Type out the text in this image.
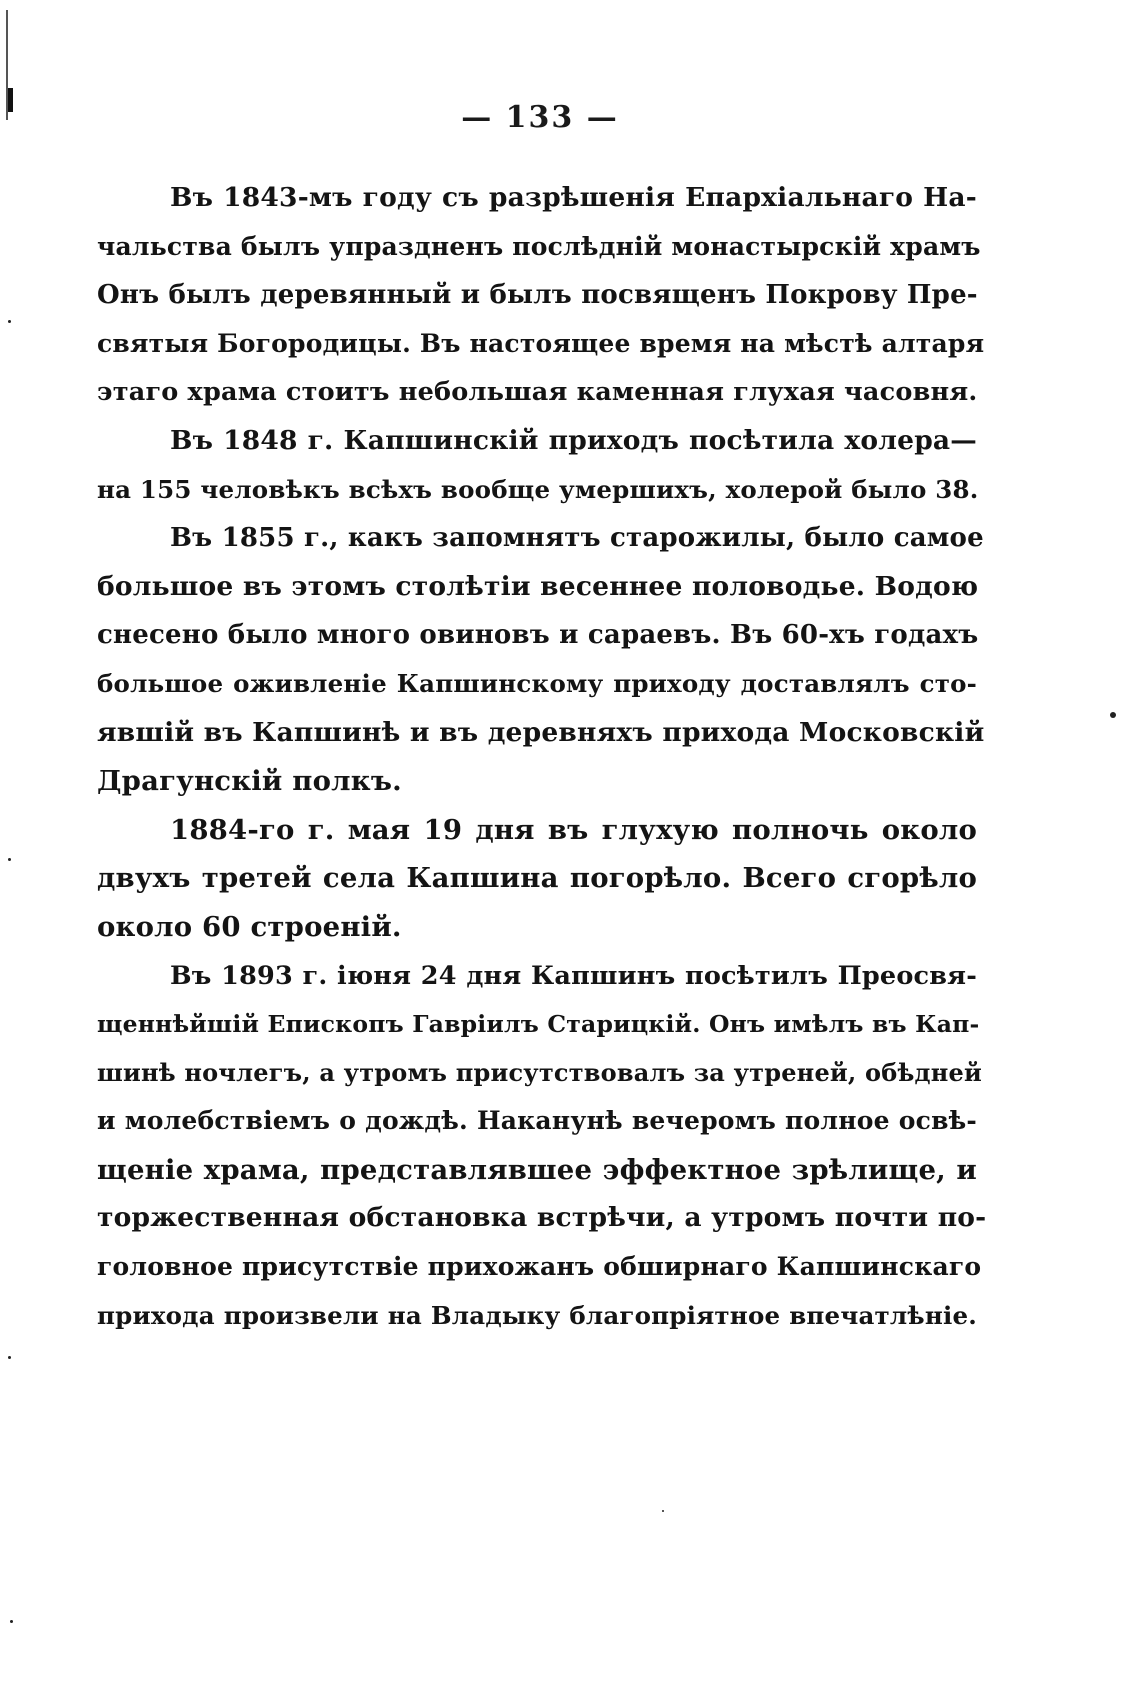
— 133 —
Въ 1843-мъ году съ разрѣшенія Епархіальнаго На-
чальства былъ упраздненъ послѣдній монастырскій храмъ
Онъ былъ деревянный и былъ посвященъ Покрову Пре-
святыя Богородицы. Въ настоящее время на мѣстѣ алтаря
этаго храма стоитъ небольшая каменная глухая часовня.
Въ 1848 г. Капшинскій приходъ посѣтила холера—
на 155 человѣкъ всѣхъ вообще умершихъ, холерой было 38.
Въ 1855 г., какъ запомнятъ старожилы, было самое
большое въ этомъ столѣтіи весеннее половодье. Водою
снесено было много овиновъ и сараевъ. Въ 60-хъ годахъ
большое оживленіе Капшинскому приходу доставлялъ сто-
явшій въ Капшинѣ и въ деревняхъ прихода Московскій
Драгунскій полкъ.
1884-го г. мая 19 дня въ глухую полночь около
двухъ третей села Капшина погорѣло. Всего сгорѣло
около 60 строеній.
Въ 1893 г. іюня 24 дня Капшинъ посѣтилъ Преосвя-
щеннѣйшій Епископъ Гавріилъ Старицкій. Онъ имѣлъ въ Кап-
шинѣ ночлегъ, а утромъ присутствовалъ за утреней, обѣдней
и молебствіемъ о дождѣ. Наканунѣ вечеромъ полное освѣ-
щеніе храма, представлявшее эффектное зрѣлище, и
торжественная обстановка встрѣчи, а утромъ почти по-
головное присутствіе прихожанъ обширнаго Капшинскаго
прихода произвели на Владыку благопріятное впечатлѣніе.
